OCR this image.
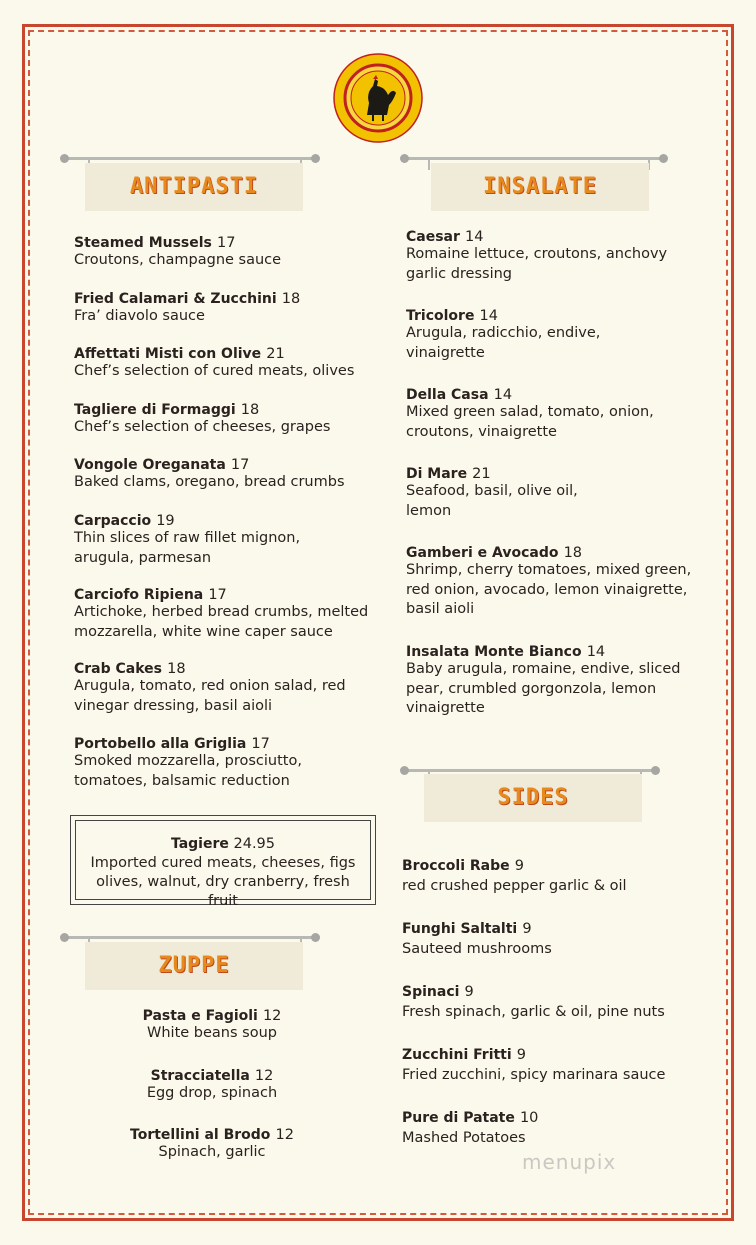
ANTIPASTI	INSALATE
SIDES
ZUPPE
Steamed Mussels 17
Croutons, champagne sauce
Fried Calamari & Zucchini 18
Fra’ diavolo sauce
Affettati Misti con Olive 21
Chef’s selection of cured meats, olives
Tagliere di Formaggi 18
Chef’s selection of cheeses, grapes
Vongole Oreganata 17
Baked clams, oregano, bread crumbs
Carpaccio 19
Thin slices of raw fillet mignon, arugula, parmesan
Carciofo Ripiena 17
Artichoke, herbed bread crumbs, melted mozzarella, white wine caper sauce
Crab Cakes 18
Arugula, tomato, red onion salad, red vinegar dressing, basil aioli
Portobello alla Griglia 17
Smoked mozzarella, prosciutto, tomatoes, balsamic reduction
Tagiere 24.95
Imported cured meats, cheeses, figs olives, walnut, dry cranberry, fresh fruit
Pasta e Fagioli 12
White beans soup
Stracciatella 12
Egg drop, spinach
Tortellini al Brodo 12
Spinach, garlic
Caesar 14
Romaine lettuce, croutons, anchovy garlic dressing
Tricolore 14
Arugula, radicchio, endive, vinaigrette
Della Casa 14
Mixed green salad, tomato, onion, croutons, vinaigrette
Di Mare 21
Seafood, basil, olive oil, lemon
Gamberi e Avocado 18
Shrimp, cherry tomatoes, mixed green, red onion, avocado, lemon vinaigrette, basil aioli
Insalata Monte Bianco 14
Baby arugula, romaine, endive, sliced pear, crumbled gorgonzola, lemon vinaigrette
Broccoli Rabe 9
red crushed pepper garlic & oil
Funghi Saltalti 9
Sauteed mushrooms
Spinaci 9
Fresh spinach, garlic & oil, pine nuts
Zucchini Fritti 9
Fried zucchini, spicy marinara sauce
Pure di Patate 10
Mashed Potatoes
menupix
